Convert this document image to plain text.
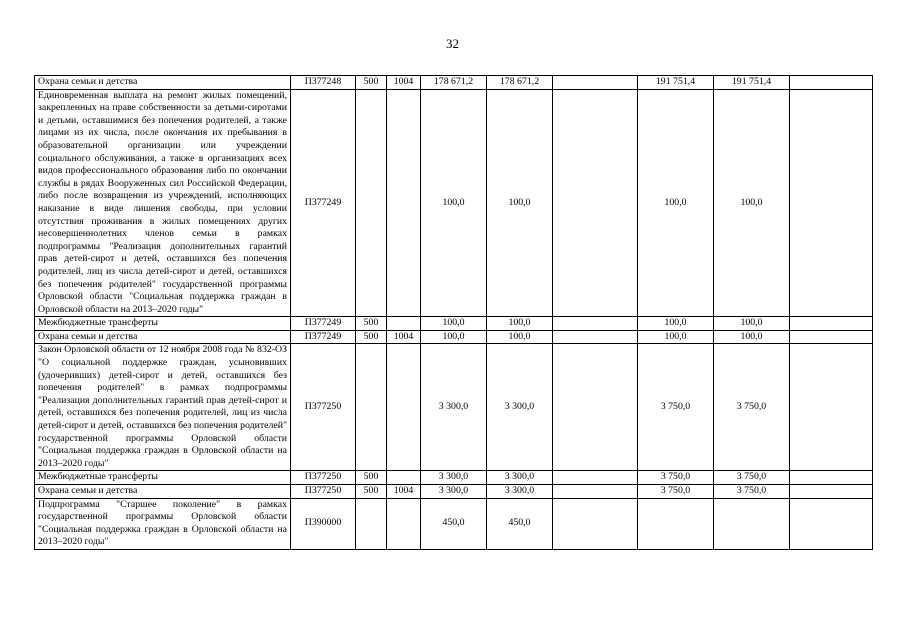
32
Охрана семьи и детства	П377248	500	1004	178 671,2	178 671,2		191 751,4	191 751,4	
Единовременная выплата на ремонт жилых помещений, закрепленных на праве собственности за детьми-сиротами и детьми, оставшимися без попечения родителей, а также лицами из их числа, после окончания их пребывания в образовательной организации или учреждении социального обслуживания, а также в организациях всех видов профессионального образования либо по окончании службы в рядах Вооруженных сил Российской Федерации, либо после возвращения из учреждений, исполняющих наказание в виде лишения свободы, при условии отсутствия проживания в жилых помещениях других несовершеннолетних членов семьи в рамках подпрограммы "Реализация дополнительных гарантий прав детей-сирот и детей, оставшихся без попечения родителей, лиц из числа детей-сирот и детей, оставшихся без попечения родителей" государственной программы Орловской области "Социальная поддержка граждан в Орловской области на 2013–2020 годы"	П377249			100,0	100,0		100,0	100,0	
Межбюджетные трансферты	П377249	500		100,0	100,0		100,0	100,0	
Охрана семьи и детства	П377249	500	1004	100,0	100,0		100,0	100,0	
Закон Орловской области от 12 ноября 2008 года № 832-ОЗ "О социальной поддержке граждан, усыновивших (удочеривших) детей-сирот и детей, оставшихся без попечения родителей" в рамках подпрограммы "Реализация дополнительных гарантий прав детей-сирот и детей, оставшихся без попечения родителей, лиц из числа детей-сирот и детей, оставшихся без попечения родителей" государственной программы Орловской области "Социальная поддержка граждан в Орловской области на 2013–2020 годы"	П377250			3 300,0	3 300,0		3 750,0	3 750,0	
Межбюджетные трансферты	П377250	500		3 300,0	3 300,0		3 750,0	3 750,0	
Охрана семьи и детства	П377250	500	1004	3 300,0	3 300,0		3 750,0	3 750,0	
Подпрограмма "Старшее поколение" в рамках государственной программы Орловской области "Социальная поддержка граждан в Орловской области на 2013–2020 годы"	П390000			450,0	450,0				
